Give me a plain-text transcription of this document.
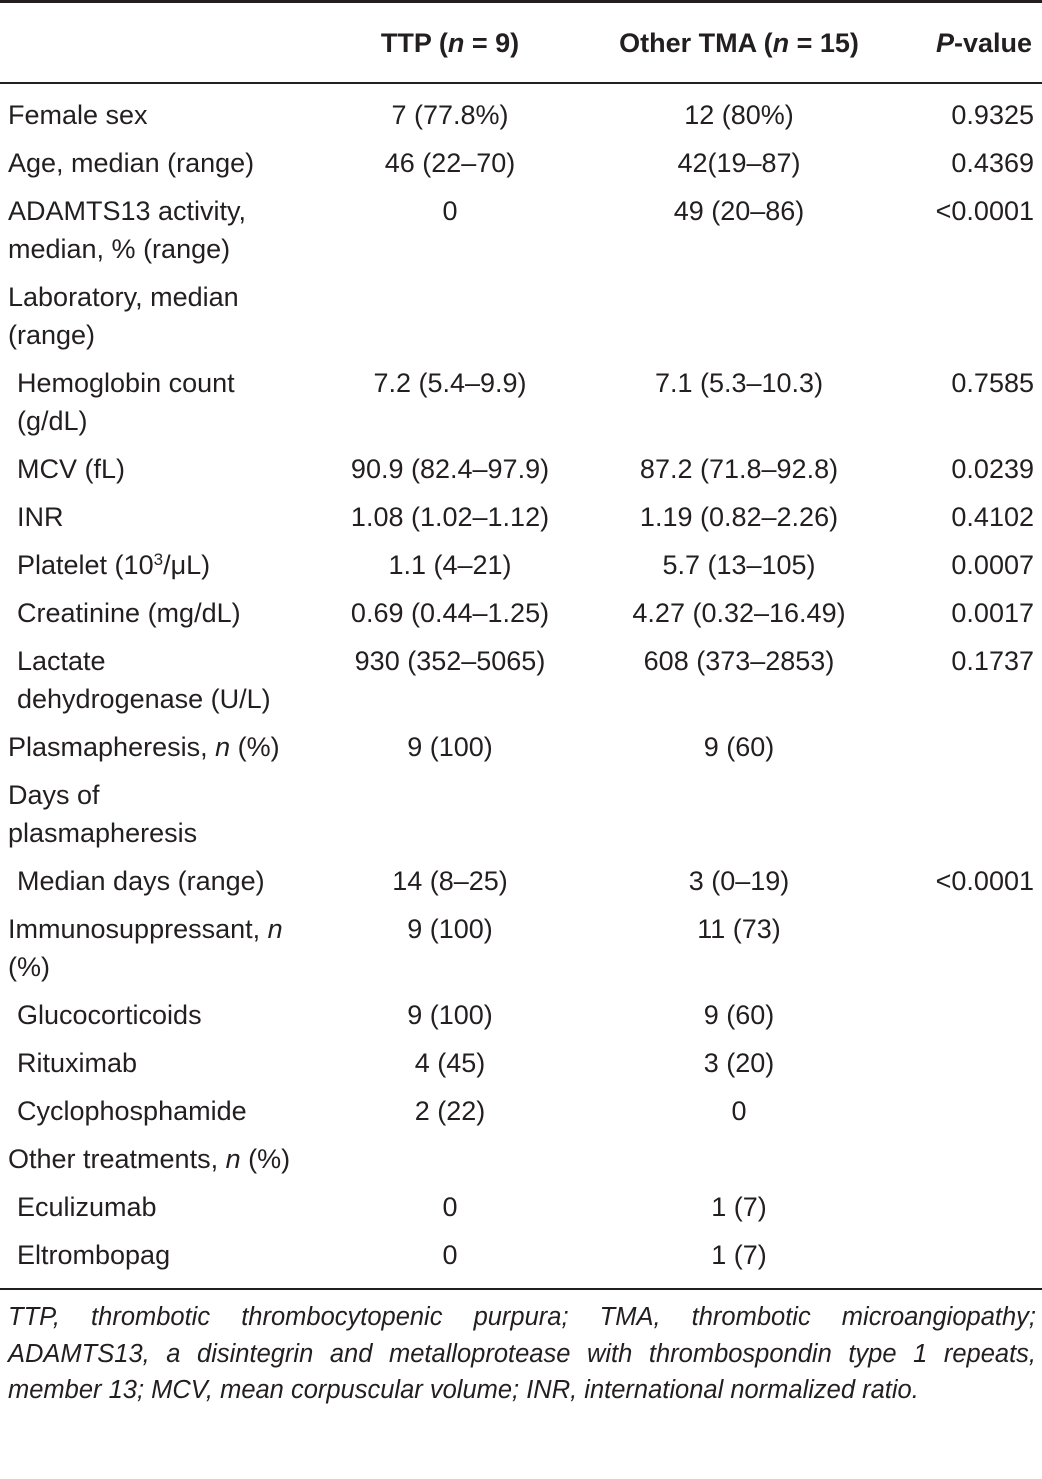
	TTP (n = 9)	Other TMA (n = 15)	P-value
Female sex	7 (77.8%)	12 (80%)	0.9325
Age, median (range)	46 (22–70)	42(19–87)	0.4369
ADAMTS13 activity, median, % (range)	0	49 (20–86)	<0.0001
Laboratory, median (range)			
Hemoglobin count (g/dL)	7.2 (5.4–9.9)	7.1 (5.3–10.3)	0.7585
MCV (fL)	90.9 (82.4–97.9)	87.2 (71.8–92.8)	0.0239
INR	1.08 (1.02–1.12)	1.19 (0.82–2.26)	0.4102
Platelet $(10^3/\mu L)$	1.1 (4–21)	5.7 (13–105)	0.0007
Creatinine (mg/dL)	0.69 (0.44–1.25)	4.27 (0.32–16.49)	0.0017
Lactate dehydrogenase (U/L)	930 (352–5065)	608 (373–2853)	0.1737
Plasmapheresis, n (%)	9 (100)	9 (60)	
Days of plasmapheresis			
Median days (range)	14 (8–25)	3 (0–19)	<0.0001
Immunosuppressant, n (%)	9 (100)	11 (73)	
Glucocorticoids	9 (100)	9 (60)	
Rituximab	4 (45)	3 (20)	
Cyclophosphamide	2 (22)	0	
Other treatments, n (%)			
Eculizumab	0	1 (7)	
Eltrombopag	0	1 (7)	
TTP, thrombotic thrombocytopenic purpura; TMA, thrombotic microangiopathy; ADAMTS13, a disintegrin and metalloprotease with thrombospondin type 1 repeats, member 13; MCV, mean corpuscular volume; INR, international normalized ratio.
